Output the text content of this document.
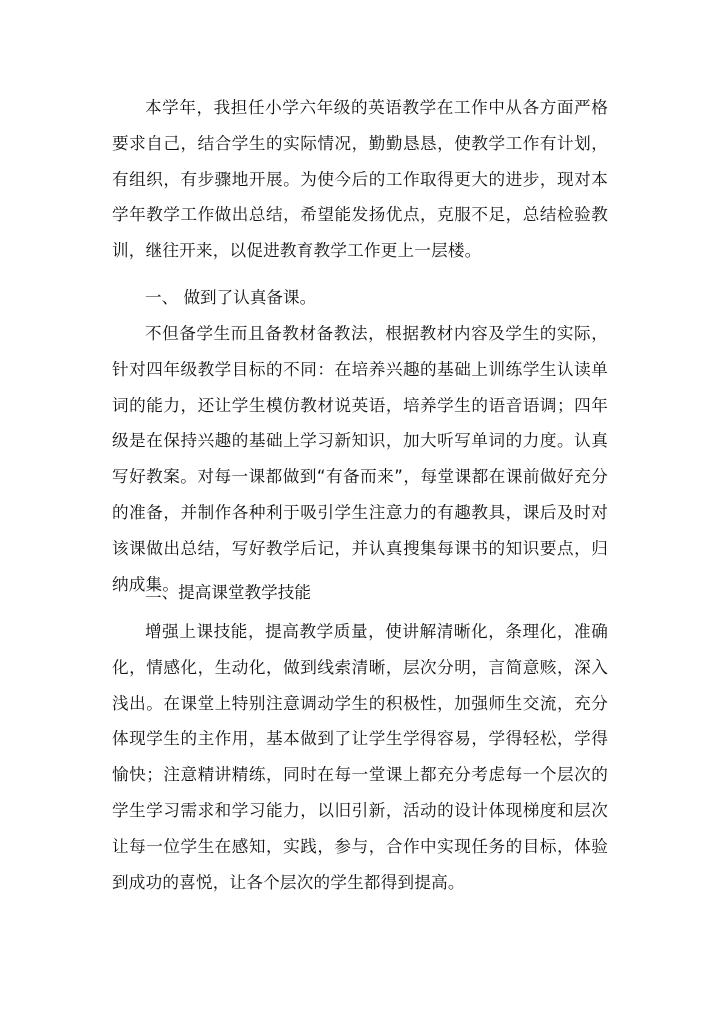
本学年，我担任小学六年级的英语教学在工作中从各方面严格要求自己，结合学生的实际情况，勤勤恳恳，使教学工作有计划，有组织，有步骤地开展。为使今后的工作取得更大的进步，现对本学年教学工作做出总结，希望能发扬优点，克服不足，总结检验教训，继往开来，以促进教育教学工作更上一层楼。

一、 做到了认真备课。

不但备学生而且备教材备教法，根据教材内容及学生的实际，针对四年级教学目标的不同：在培养兴趣的基础上训练学生认读单词的能力，还让学生模仿教材说英语，培养学生的语音语调；四年级是在保持兴趣的基础上学习新知识，加大听写单词的力度。认真写好教案。对每一课都做到“有备而来”，每堂课都在课前做好充分的准备，并制作各种利于吸引学生注意力的有趣教具，课后及时对该课做出总结，写好教学后记，并认真搜集每课书的知识要点，归纳成集。

二、提高课堂教学技能

增强上课技能，提高教学质量，使讲解清晰化，条理化，准确化，情感化，生动化，做到线索清晰，层次分明，言简意赅，深入浅出。在课堂上特别注意调动学生的积极性，加强师生交流，充分体现学生的主作用，基本做到了让学生学得容易，学得轻松，学得愉快；注意精讲精练，同时在每一堂课上都充分考虑每一个层次的学生学习需求和学习能力，以旧引新，活动的设计体现梯度和层次让每一位学生在感知，实践，参与，合作中实现任务的目标，体验到成功的喜悦，让各个层次的学生都得到提高。
